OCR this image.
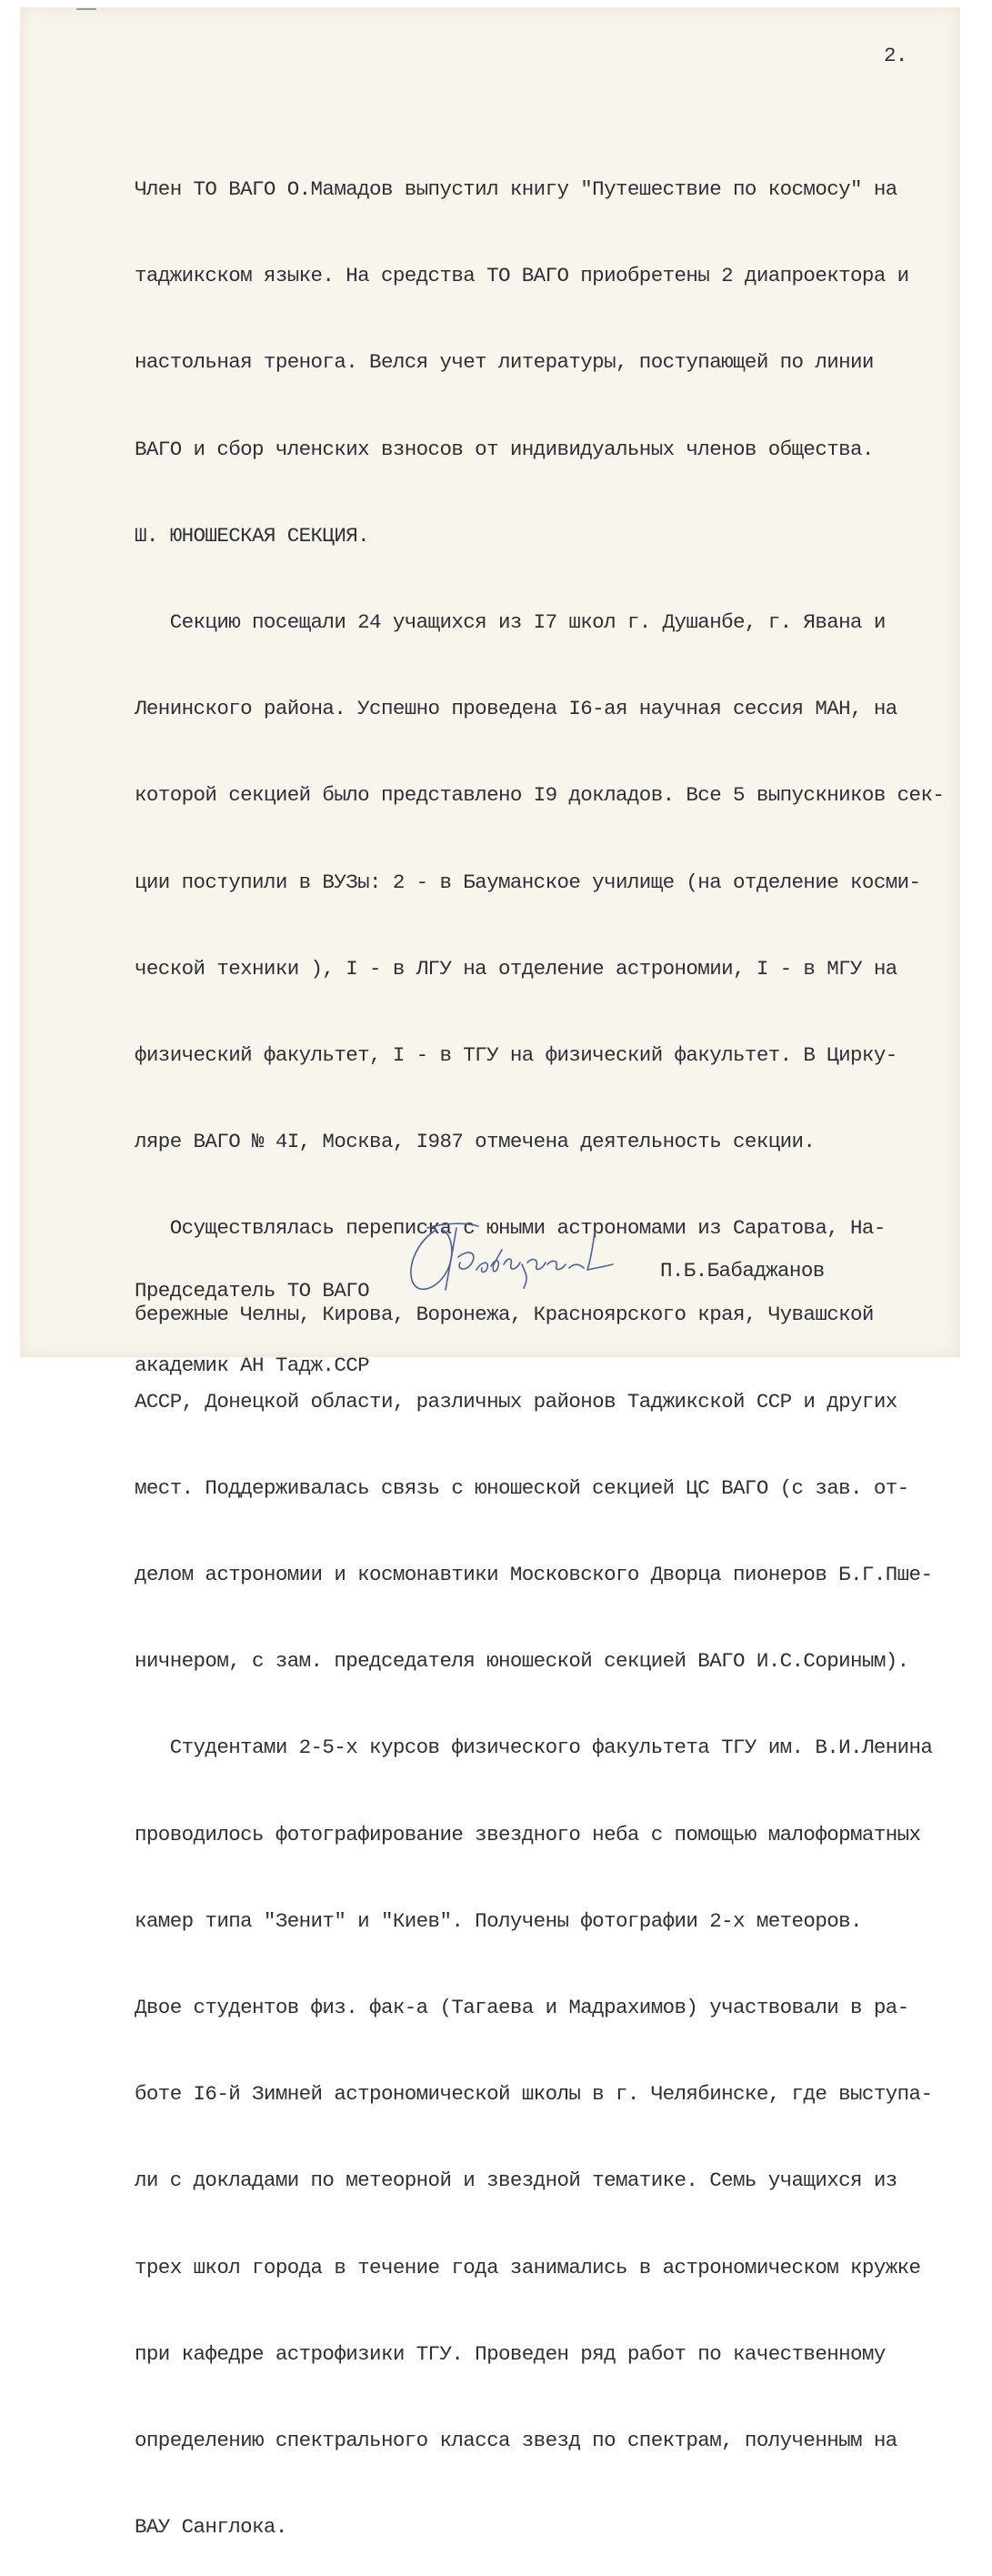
2.

Член ТО ВАГО О.Мамадов выпустил книгу "Путешествие по космосу" на

таджикском языке. На средства ТО ВАГО приобретены 2 диапроектора и

настольная тренога. Велся учет литературы, поступающей по линии

ВАГО и сбор членских взносов от индивидуальных членов общества.

Ш. ЮНОШЕСКАЯ СЕКЦИЯ.

Секцию посещали 24 учащихся из I7 школ г. Душанбе, г. Явана и

Ленинского района. Успешно проведена I6-ая научная сессия МАН, на

которой секцией было представлено I9 докладов. Все 5 выпускников сек-

ции поступили в ВУЗы: 2 - в Бауманское училище (на отделение косми-

ческой техники ), I - в ЛГУ на отделение астрономии, I - в МГУ на

физический факультет, I - в ТГУ на физический факультет. В Цирку-

ляре ВАГО № 4I, Москва, I987 отмечена деятельность секции.

Осуществлялась переписка с юными астрономами из Саратова, На-

бережные Челны, Кирова, Воронежа, Красноярского края, Чувашской

АССР, Донецкой области, различных районов Таджикской ССР и других

мест. Поддерживалась связь с юношеской секцией ЦС ВАГО (с зав. от-

делом астрономии и космонавтики Московского Дворца пионеров Б.Г.Пше-

ничнером, с зам. председателя юношеской секцией ВАГО И.С.Сориным).

Студентами 2-5-х курсов физического факультета ТГУ им. В.И.Ленина

проводилось фотографирование звездного неба с помощью малоформатных

камер типа "Зенит" и "Киев". Получены фотографии 2-х метеоров.

Двое студентов физ. фак-а (Тагаева и Мадрахимов) участвовали в ра-

боте I6-й Зимней астрономической школы в г. Челябинске, где выступа-

ли с докладами по метеорной и звездной тематике. Семь учащихся из

трех школ города в течение года занимались в астрономическом кружке

при кафедре астрофизики ТГУ. Проведен ряд работ по качественному

определению спектрального класса звезд по спектрам, полученным на

ВАУ Санглока.

Председатель ТО ВАГО

академик АН Тадж.ССР

П.Б.Бабаджанов
